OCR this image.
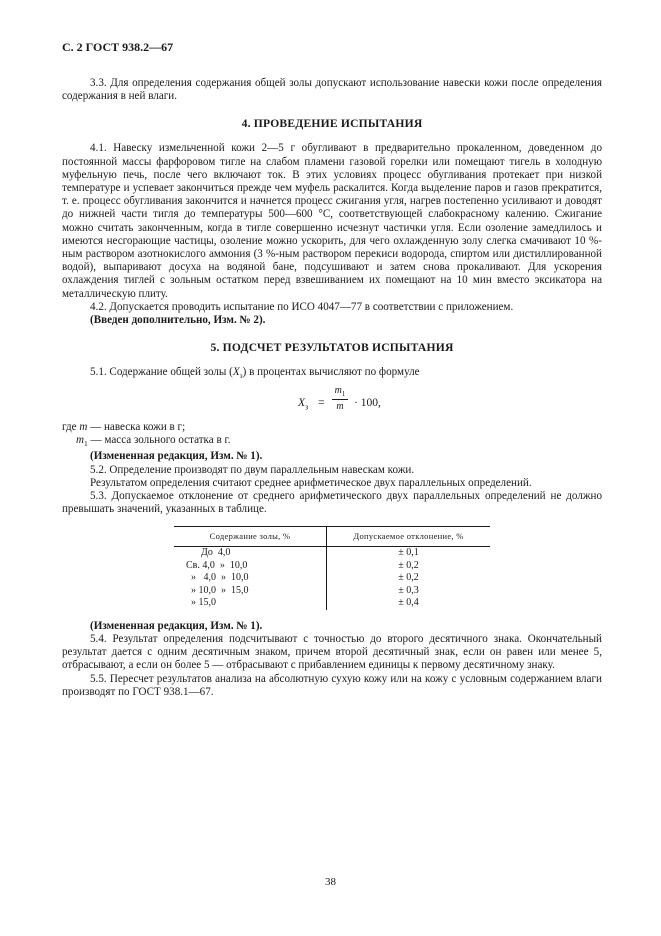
С. 2 ГОСТ 938.2—67

3.3. Для определения содержания общей золы допускают использование навески кожи после определения содержания в ней влаги.

4. ПРОВЕДЕНИЕ ИСПЫТАНИЯ

4.1. Навеску измельченной кожи 2—5 г обугливают в предварительно прокаленном, доведенном до постоянной массы фарфоровом тигле на слабом пламени газовой горелки или помещают тигель в холодную муфельную печь, после чего включают ток. В этих условиях процесс обугливания протекает при низкой температуре и успевает закончиться прежде чем муфель раскалится. Когда выделение паров и газов прекратится, т. е. процесс обугливания закончится и начнется процесс сжигания угля, нагрев постепенно усиливают и доводят до нижней части тигля до температуры 500—600 °С, соответствующей слабокрасному калению. Сжигание можно считать законченным, когда в тигле совершенно исчезнут частички угля. Если озоление замедлилось и имеются несгорающие частицы, озоление можно ускорить, для чего охлажденную золу слегка смачивают 10 %-ным раствором азотнокислого аммония (3 %-ным раствором перекиси водорода, спиртом или дистиллированной водой), выпаривают досуха на водяной бане, подсушивают и затем снова прокаливают. Для ускорения охлаждения тиглей с зольным остатком перед взвешиванием их помещают на 10 мин вместо эксикатора на металлическую плиту.

4.2. Допускается проводить испытание по ИСО 4047—77 в соответствии с приложением.

(Введен дополнительно, Изм. № 2).

5. ПОДСЧЕТ РЕЗУЛЬТАТОВ ИСПЫТАНИЯ

5.1. Содержание общей золы $(X_з)$ в процентах вычисляют по формуле

$X_з = \frac{m_1}{m} \cdot 100$,

где m — навеска кожи в г;

$m_1$ — масса зольного остатка в г.

(Измененная редакция, Изм. № 1).

5.2. Определение производят по двум параллельным навескам кожи.

Результатом определения считают среднее арифметическое двух параллельных определений.

5.3. Допускаемое отклонение от среднего арифметического двух параллельных определений не должно превышать значений, указанных в таблице.

Содержание золы, %	Допускаемое отклонение, %
До  4,0	± 0,1
Св. 4,0  »  10,0	± 0,2
»   4,0  »  10,0	± 0,2
» 10,0  »  15,0	± 0,3
» 15,0	± 0,4

(Измененная редакция, Изм. № 1).

5.4. Результат определения подсчитывают с точностью до второго десятичного знака. Окончательный результат дается с одним десятичным знаком, причем второй десятичный знак, если он равен или менее 5, отбрасывают, а если он более 5 — отбрасывают с прибавлением единицы к первому десятичному знаку.

5.5. Пересчет результатов анализа на абсолютную сухую кожу или на кожу с условным содержанием влаги производят по ГОСТ 938.1—67.

38
